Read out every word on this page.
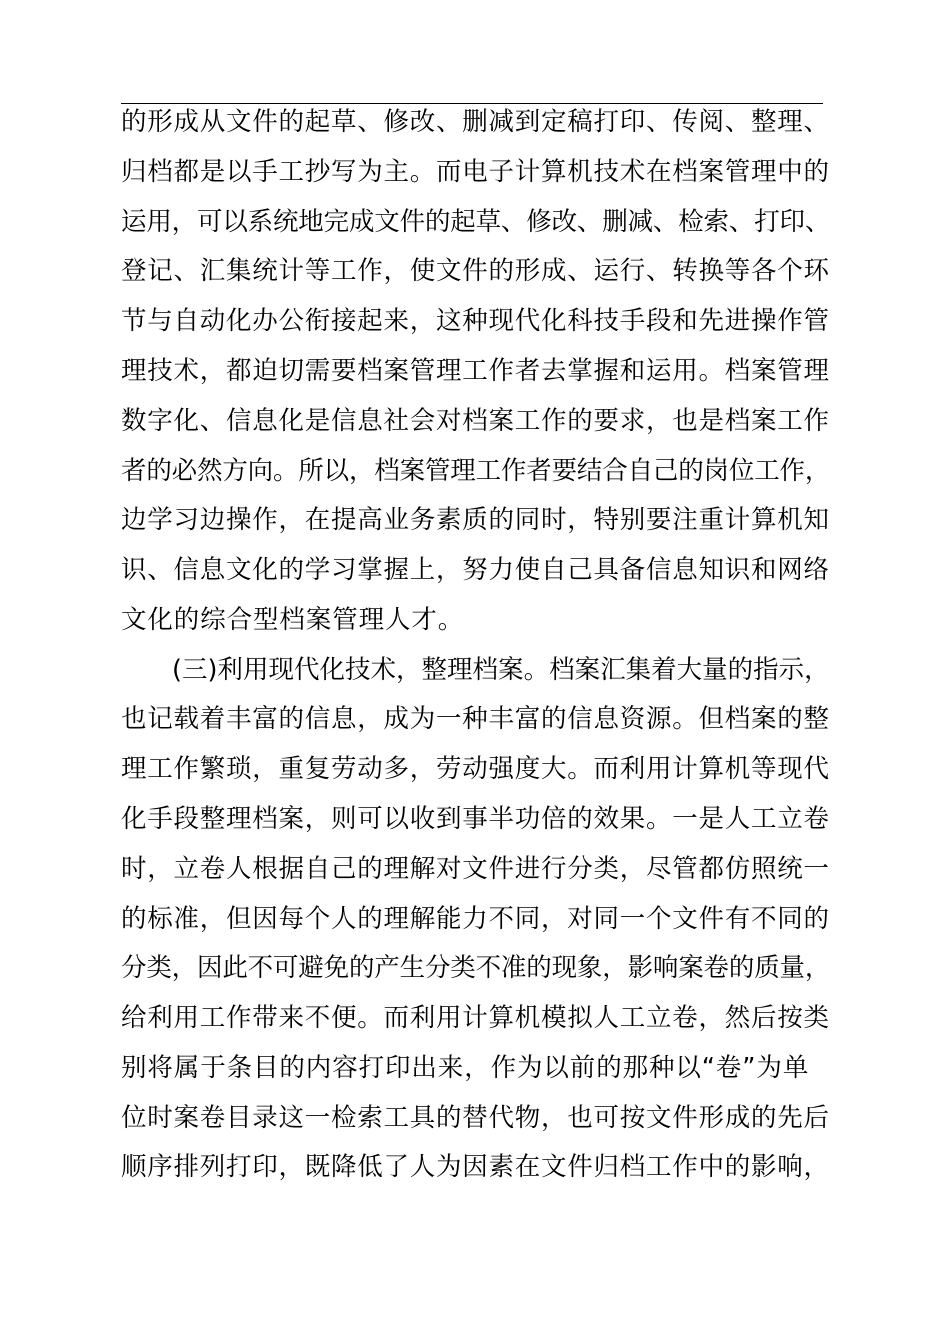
的形成从文件的起草、修改、删减到定稿打印、传阅、整理、
归档都是以手工抄写为主。而电子计算机技术在档案管理中的
运用，可以系统地完成文件的起草、修改、删减、检索、打印、
登记、汇集统计等工作，使文件的形成、运行、转换等各个环
节与自动化办公衔接起来，这种现代化科技手段和先进操作管
理技术，都迫切需要档案管理工作者去掌握和运用。档案管理
数字化、信息化是信息社会对档案工作的要求，也是档案工作
者的必然方向。所以，档案管理工作者要结合自己的岗位工作，
边学习边操作，在提高业务素质的同时，特别要注重计算机知
识、信息文化的学习掌握上，努力使自己具备信息知识和网络
文化的综合型档案管理人才。
(三)利用现代化技术，整理档案。档案汇集着大量的指示，
也记载着丰富的信息，成为一种丰富的信息资源。但档案的整
理工作繁琐，重复劳动多，劳动强度大。而利用计算机等现代
化手段整理档案，则可以收到事半功倍的效果。一是人工立卷
时，立卷人根据自己的理解对文件进行分类，尽管都仿照统一
的标准，但因每个人的理解能力不同，对同一个文件有不同的
分类，因此不可避免的产生分类不准的现象，影响案卷的质量，
给利用工作带来不便。而利用计算机模拟人工立卷，然后按类
别将属于条目的内容打印出来，作为以前的那种以“卷”为单
位时案卷目录这一检索工具的替代物，也可按文件形成的先后
顺序排列打印，既降低了人为因素在文件归档工作中的影响，
